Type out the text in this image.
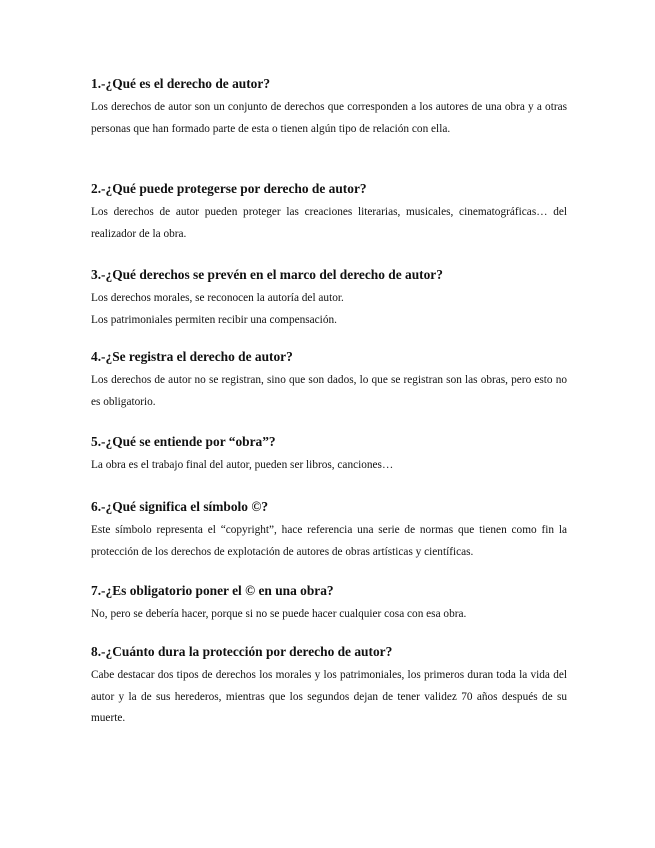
1.-¿Qué es el derecho de autor?

Los derechos de autor son un conjunto de derechos que corresponden a los autores de una obra y a otras personas que han formado parte de esta o tienen algún tipo de relación con ella.

2.-¿Qué puede protegerse por derecho de autor?

Los derechos de autor pueden proteger las creaciones literarias, musicales, cinematográficas… del realizador de la obra.

3.-¿Qué derechos se prevén en el marco del derecho de autor?

Los derechos morales, se reconocen la autoría del autor.

Los patrimoniales permiten recibir una compensación.

4.-¿Se registra el derecho de autor?

Los derechos de autor no se registran, sino que son dados, lo que se registran son las obras, pero esto no es obligatorio.

5.-¿Qué se entiende por “obra”?

La obra es el trabajo final del autor, pueden ser libros, canciones…

6.-¿Qué significa el símbolo ©?

Este símbolo representa el “copyright”, hace referencia una serie de normas que tienen como fin la protección de los derechos de explotación de autores de obras artísticas y científicas.

7.-¿Es obligatorio poner el © en una obra?

No, pero se debería hacer, porque si no se puede hacer cualquier cosa con esa obra.

8.-¿Cuánto dura la protección por derecho de autor?

Cabe destacar dos tipos de derechos los morales y los patrimoniales, los primeros duran toda la vida del autor y la de sus herederos, mientras que los segundos dejan de tener validez 70 años después de su muerte.
